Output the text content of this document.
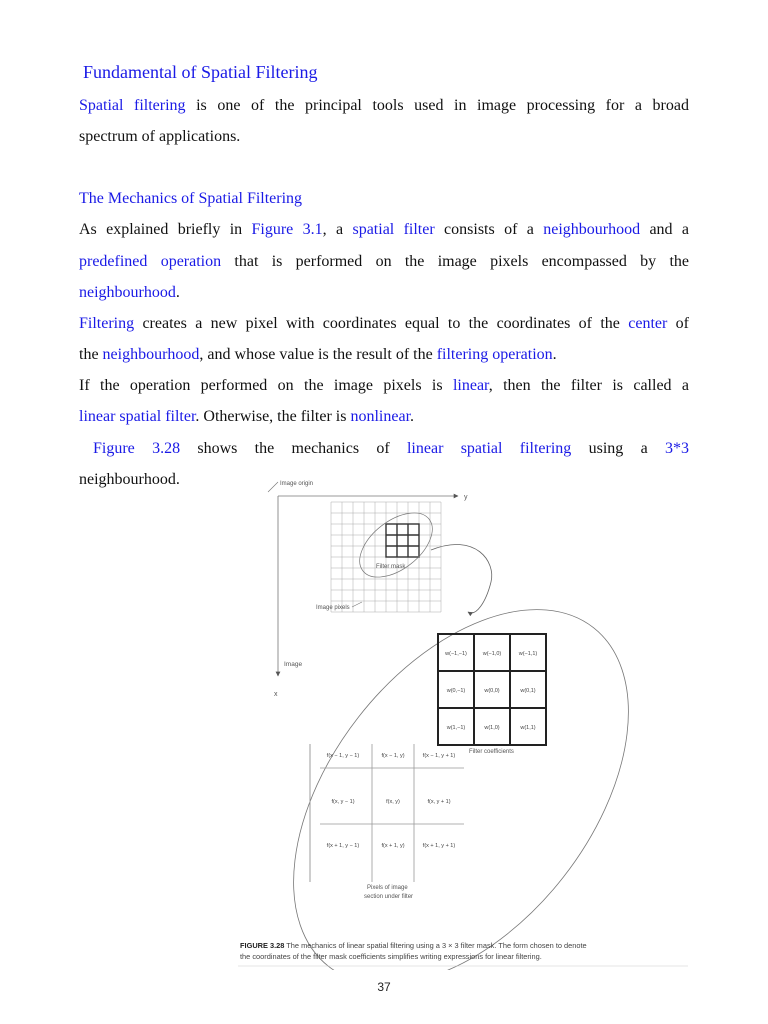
Fundamental of Spatial Filtering
Spatial filtering is one of the principal tools used in image processing for a broad
spectrum of applications.
The Mechanics of Spatial Filtering
As explained briefly in Figure 3.1, a spatial filter consists of a neighbourhood and a
predefined operation that is performed on the image pixels encompassed by the
neighbourhood.
Filtering creates a new pixel with coordinates equal to the coordinates of the center of
the neighbourhood, and whose value is the result of the filtering operation.
If the operation performed on the image pixels is linear, then the filter is called a
linear spatial filter. Otherwise, the filter is nonlinear.
Figure 3.28 shows the mechanics of linear spatial filtering using a 3*3
neighbourhood.
y
x
Image origin
Image
Filter mask
Image pixels
w(−1,−1)	w(−1,0)	w(−1,1)
w(0,−1)	w(0,0)	w(0,1)
w(1,−1)	w(1,0)	w(1,1)
Filter coefficients
f(x − 1, y − 1)	f(x − 1, y)	f(x − 1, y + 1)
f(x, y − 1)	f(x, y)	f(x, y + 1)
f(x + 1, y − 1)	f(x + 1, y)	f(x + 1, y + 1)
Pixels of image
section under filter
FIGURE 3.28 The mechanics of linear spatial filtering using a 3 × 3 filter mask. The form chosen to denote
the coordinates of the filter mask coefficients simplifies writing expressions for linear filtering.
37
